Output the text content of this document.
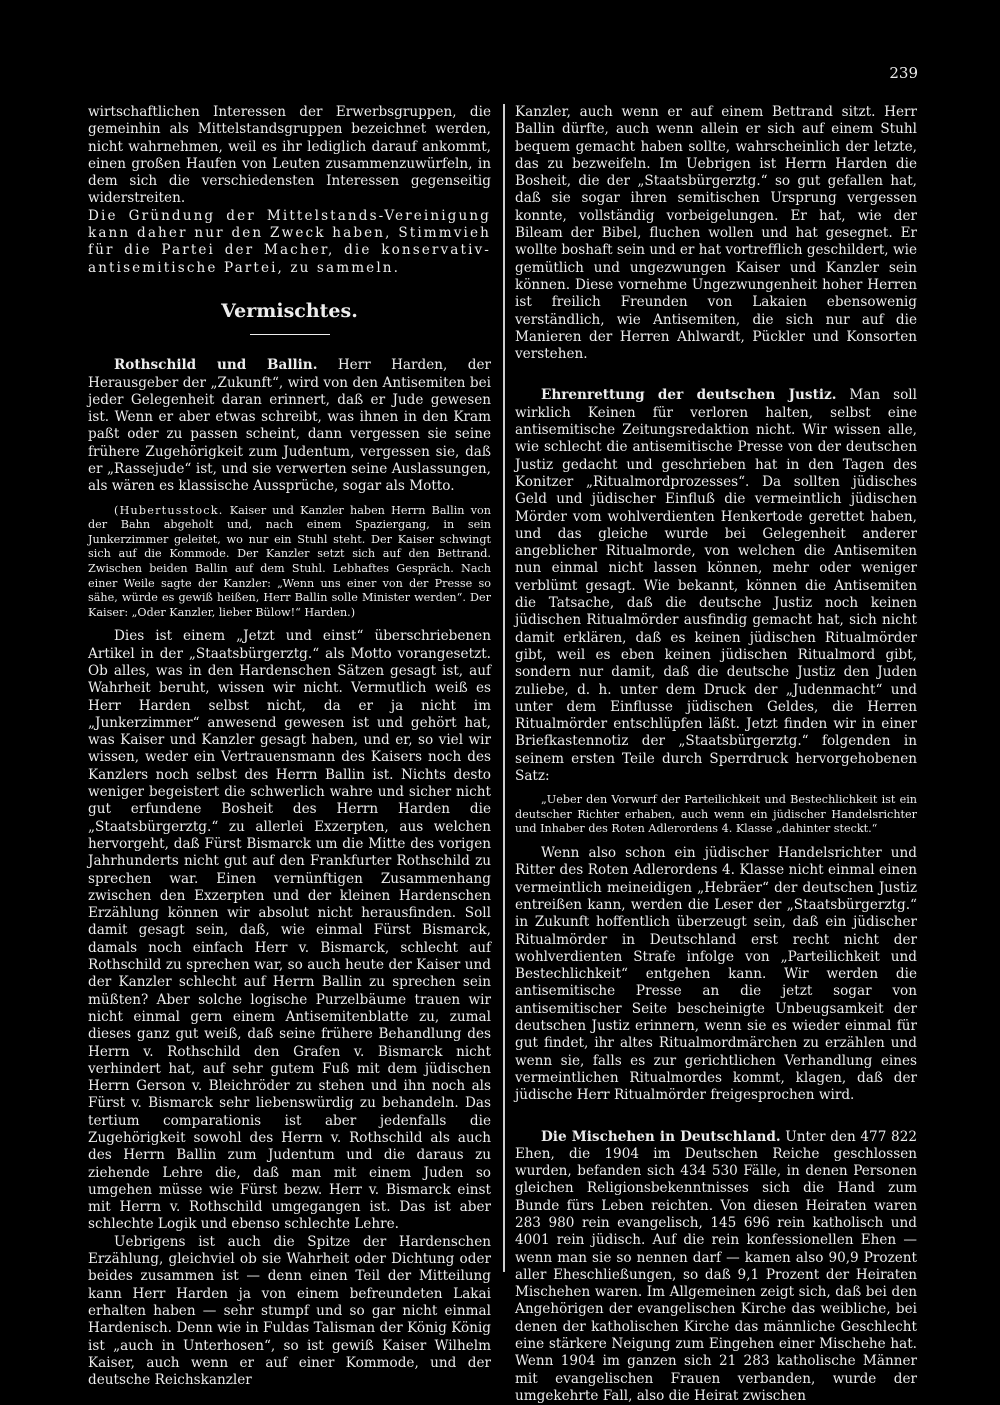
239

wirtschaftlichen Interessen der Erwerbsgruppen, die gemeinhin als Mittelstandsgruppen bezeichnet werden, nicht wahrnehmen, weil es ihr lediglich darauf ankommt, einen großen Haufen von Leuten zusammenzuwürfeln, in dem sich die verschiedensten Interessen gegenseitig widerstreiten.

Die Gründung der Mittelstands-Vereinigung kann daher nur den Zweck haben, Stimmvieh für die Partei der Macher, die konservativ-antisemitische Partei, zu sammeln.

Vermischtes.

Rothschild und Ballin. Herr Harden, der Herausgeber der „Zukunft“, wird von den Antisemiten bei jeder Gelegenheit daran erinnert, daß er Jude gewesen ist. Wenn er aber etwas schreibt, was ihnen in den Kram paßt oder zu passen scheint, dann vergessen sie seine frühere Zugehörigkeit zum Judentum, vergessen sie, daß er „Rassejude“ ist, und sie verwerten seine Auslassungen, als wären es klassische Aussprüche, sogar als Motto.

(Hubertusstock. Kaiser und Kanzler haben Herrn Ballin von der Bahn abgeholt und, nach einem Spaziergang, in sein Junkerzimmer geleitet, wo nur ein Stuhl steht. Der Kaiser schwingt sich auf die Kommode. Der Kanzler setzt sich auf den Bettrand. Zwischen beiden Ballin auf dem Stuhl. Lebhaftes Gespräch. Nach einer Weile sagte der Kanzler: „Wenn uns einer von der Presse so sähe, würde es gewiß heißen, Herr Ballin solle Minister werden“. Der Kaiser: „Oder Kanzler, lieber Bülow!“ Harden.)

Dies ist einem „Jetzt und einst“ überschriebenen Artikel in der „Staatsbürgerztg.“ als Motto vorangesetzt. Ob alles, was in den Hardenschen Sätzen gesagt ist, auf Wahrheit beruht, wissen wir nicht. Vermutlich weiß es Herr Harden selbst nicht, da er ja nicht im „Junkerzimmer“ anwesend gewesen ist und gehört hat, was Kaiser und Kanzler gesagt haben, und er, so viel wir wissen, weder ein Vertrauensmann des Kaisers noch des Kanzlers noch selbst des Herrn Ballin ist. Nichts desto weniger begeistert die schwerlich wahre und sicher nicht gut erfundene Bosheit des Herrn Harden die „Staatsbürgerztg.“ zu allerlei Exzerpten, aus welchen hervorgeht, daß Fürst Bismarck um die Mitte des vorigen Jahrhunderts nicht gut auf den Frankfurter Rothschild zu sprechen war. Einen vernünftigen Zusammenhang zwischen den Exzerpten und der kleinen Hardenschen Erzählung können wir absolut nicht herausfinden. Soll damit gesagt sein, daß, wie einmal Fürst Bismarck, damals noch einfach Herr v. Bismarck, schlecht auf Rothschild zu sprechen war, so auch heute der Kaiser und der Kanzler schlecht auf Herrn Ballin zu sprechen sein müßten? Aber solche logische Purzelbäume trauen wir nicht einmal gern einem Antisemitenblatte zu, zumal dieses ganz gut weiß, daß seine frühere Behandlung des Herrn v. Rothschild den Grafen v. Bismarck nicht verhindert hat, auf sehr gutem Fuß mit dem jüdischen Herrn Gerson v. Bleichröder zu stehen und ihn noch als Fürst v. Bismarck sehr liebenswürdig zu behandeln. Das tertium comparationis ist aber jedenfalls die Zugehörigkeit sowohl des Herrn v. Rothschild als auch des Herrn Ballin zum Judentum und die daraus zu ziehende Lehre die, daß man mit einem Juden so umgehen müsse wie Fürst bezw. Herr v. Bismarck einst mit Herrn v. Rothschild umgegangen ist. Das ist aber schlechte Logik und ebenso schlechte Lehre.

Uebrigens ist auch die Spitze der Hardenschen Erzählung, gleichviel ob sie Wahrheit oder Dichtung oder beides zusammen ist — denn einen Teil der Mitteilung kann Herr Harden ja von einem befreundeten Lakai erhalten haben — sehr stumpf und so gar nicht einmal Hardenisch. Denn wie in Fuldas Talisman der König König ist „auch in Unterhosen“, so ist gewiß Kaiser Wilhelm Kaiser, auch wenn er auf einer Kommode, und der deutsche Reichskanzler

Kanzler, auch wenn er auf einem Bettrand sitzt. Herr Ballin dürfte, auch wenn allein er sich auf einem Stuhl bequem gemacht haben sollte, wahrscheinlich der letzte, das zu bezweifeln. Im Uebrigen ist Herrn Harden die Bosheit, die der „Staatsbürgerztg.“ so gut gefallen hat, daß sie sogar ihren semitischen Ursprung vergessen konnte, vollständig vorbeigelungen. Er hat, wie der Bileam der Bibel, fluchen wollen und hat gesegnet. Er wollte boshaft sein und er hat vortrefflich geschildert, wie gemütlich und ungezwungen Kaiser und Kanzler sein können. Diese vornehme Ungezwungenheit hoher Herren ist freilich Freunden von Lakaien ebensowenig verständlich, wie Antisemiten, die sich nur auf die Manieren der Herren Ahlwardt, Pückler und Konsorten verstehen.

Ehrenrettung der deutschen Justiz. Man soll wirklich Keinen für verloren halten, selbst eine antisemitische Zeitungsredaktion nicht. Wir wissen alle, wie schlecht die antisemitische Presse von der deutschen Justiz gedacht und geschrieben hat in den Tagen des Konitzer „Ritualmordprozesses“. Da sollten jüdisches Geld und jüdischer Einfluß die vermeintlich jüdischen Mörder vom wohlverdienten Henkertode gerettet haben, und das gleiche wurde bei Gelegenheit anderer angeblicher Ritualmorde, von welchen die Antisemiten nun einmal nicht lassen können, mehr oder weniger verblümt gesagt. Wie bekannt, können die Antisemiten die Tatsache, daß die deutsche Justiz noch keinen jüdischen Ritualmörder ausfindig gemacht hat, sich nicht damit erklären, daß es keinen jüdischen Ritualmörder gibt, weil es eben keinen jüdischen Ritualmord gibt, sondern nur damit, daß die deutsche Justiz den Juden zuliebe, d. h. unter dem Druck der „Judenmacht“ und unter dem Einflusse jüdischen Geldes, die Herren Ritualmörder entschlüpfen läßt. Jetzt finden wir in einer Briefkastennotiz der „Staatsbürgerztg.“ folgenden in seinem ersten Teile durch Sperrdruck hervorgehobenen Satz:

„Ueber den Vorwurf der Parteilichkeit und Bestechlichkeit ist ein deutscher Richter erhaben, auch wenn ein jüdischer Handelsrichter und Inhaber des Roten Adlerordens 4. Klasse „dahinter steckt.“

Wenn also schon ein jüdischer Handelsrichter und Ritter des Roten Adlerordens 4. Klasse nicht einmal einen vermeintlich meineidigen „Hebräer“ der deutschen Justiz entreißen kann, werden die Leser der „Staatsbürgerztg.“ in Zukunft hoffentlich überzeugt sein, daß ein jüdischer Ritualmörder in Deutschland erst recht nicht der wohlverdienten Strafe infolge von „Parteilichkeit und Bestechlichkeit“ entgehen kann. Wir werden die antisemitische Presse an die jetzt sogar von antisemitischer Seite bescheinigte Unbeugsamkeit der deutschen Justiz erinnern, wenn sie es wieder einmal für gut findet, ihr altes Ritualmordmärchen zu erzählen und wenn sie, falls es zur gerichtlichen Verhandlung eines vermeintlichen Ritualmordes kommt, klagen, daß der jüdische Herr Ritualmörder freigesprochen wird.

Die Mischehen in Deutschland. Unter den 477 822 Ehen, die 1904 im Deutschen Reiche geschlossen wurden, befanden sich 434 530 Fälle, in denen Personen gleichen Religionsbekenntnisses sich die Hand zum Bunde fürs Leben reichten. Von diesen Heiraten waren 283 980 rein evangelisch, 145 696 rein katholisch und 4001 rein jüdisch. Auf die rein konfessionellen Ehen — wenn man sie so nennen darf — kamen also 90,9 Prozent aller Eheschließungen, so daß 9,1 Prozent der Heiraten Mischehen waren. Im Allgemeinen zeigt sich, daß bei den Angehörigen der evangelischen Kirche das weibliche, bei denen der katholischen Kirche das männliche Geschlecht eine stärkere Neigung zum Eingehen einer Mischehe hat. Wenn 1904 im ganzen sich 21 283 katholische Männer mit evangelischen Frauen verbanden, wurde der umgekehrte Fall, also die Heirat zwischen
